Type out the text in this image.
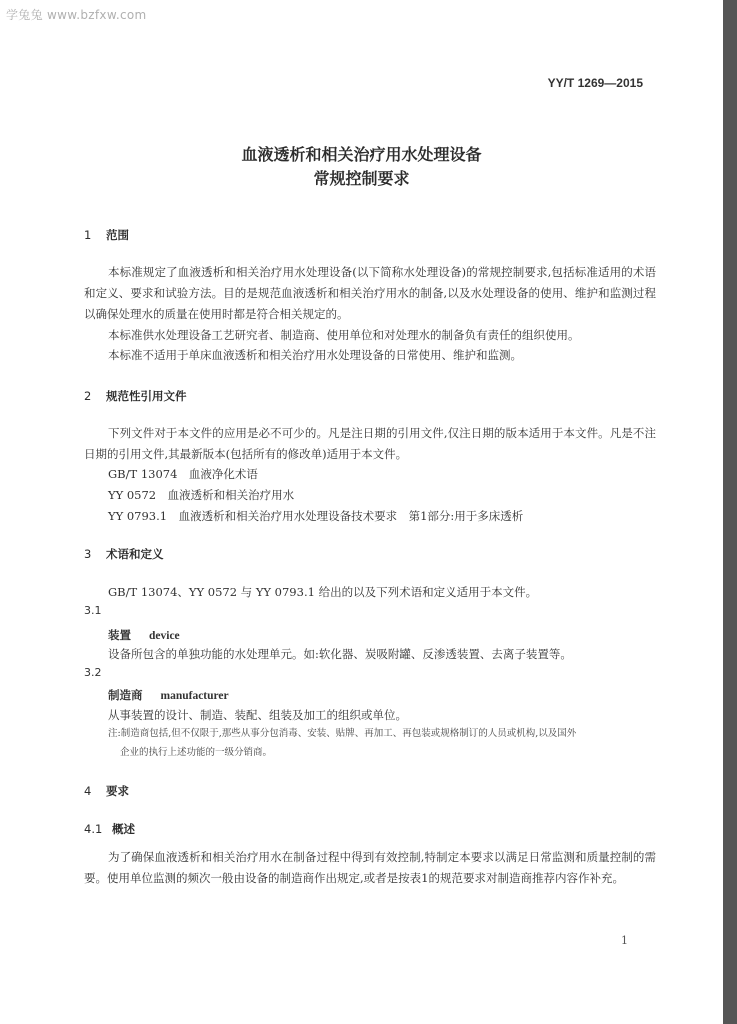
学兔兔 www.bzfxw.com
YY/T 1269—2015
血液透析和相关治疗用水处理设备
常规控制要求
1 范围

本标准规定了血液透析和相关治疗用水处理设备(以下简称水处理设备)的常规控制要求,包括标准适用的术语和定义、要求和试验方法。目的是规范血液透析和相关治疗用水的制备,以及水处理设备的使用、维护和监测过程以确保处理水的质量在使用时都是符合相关规定的。

本标准供水处理设备工艺研究者、制造商、使用单位和对处理水的制备负有责任的组织使用。

本标准不适用于单床血液透析和相关治疗用水处理设备的日常使用、维护和监测。

2 规范性引用文件

下列文件对于本文件的应用是必不可少的。凡是注日期的引用文件,仅注日期的版本适用于本文件。凡是不注日期的引用文件,其最新版本(包括所有的修改单)适用于本文件。

GB/T 13074　血液净化术语
YY 0572　血液透析和相关治疗用水
YY 0793.1　血液透析和相关治疗用水处理设备技术要求　第1部分:用于多床透析
3 术语和定义
GB/T 13074、YY 0572 与 YY 0793.1 给出的以及下列术语和定义适用于本文件。
3.1
装置 device
设备所包含的单独功能的水处理单元。如:软化器、炭吸附罐、反渗透装置、去离子装置等。
3.2
制造商 manufacturer
从事装置的设计、制造、装配、组装及加工的组织或单位。

注:制造商包括,但不仅限于,那些从事分包消毒、安装、贴牌、再加工、再包装或规格制订的人员或机构,以及国外

企业的执行上述功能的一级分销商。

4 要求
4.1 概述

为了确保血液透析和相关治疗用水在制备过程中得到有效控制,特制定本要求以满足日常监测和质量控制的需要。使用单位监测的频次一般由设备的制造商作出规定,或者是按表1的规范要求对制造商推荐内容作补充。

1
